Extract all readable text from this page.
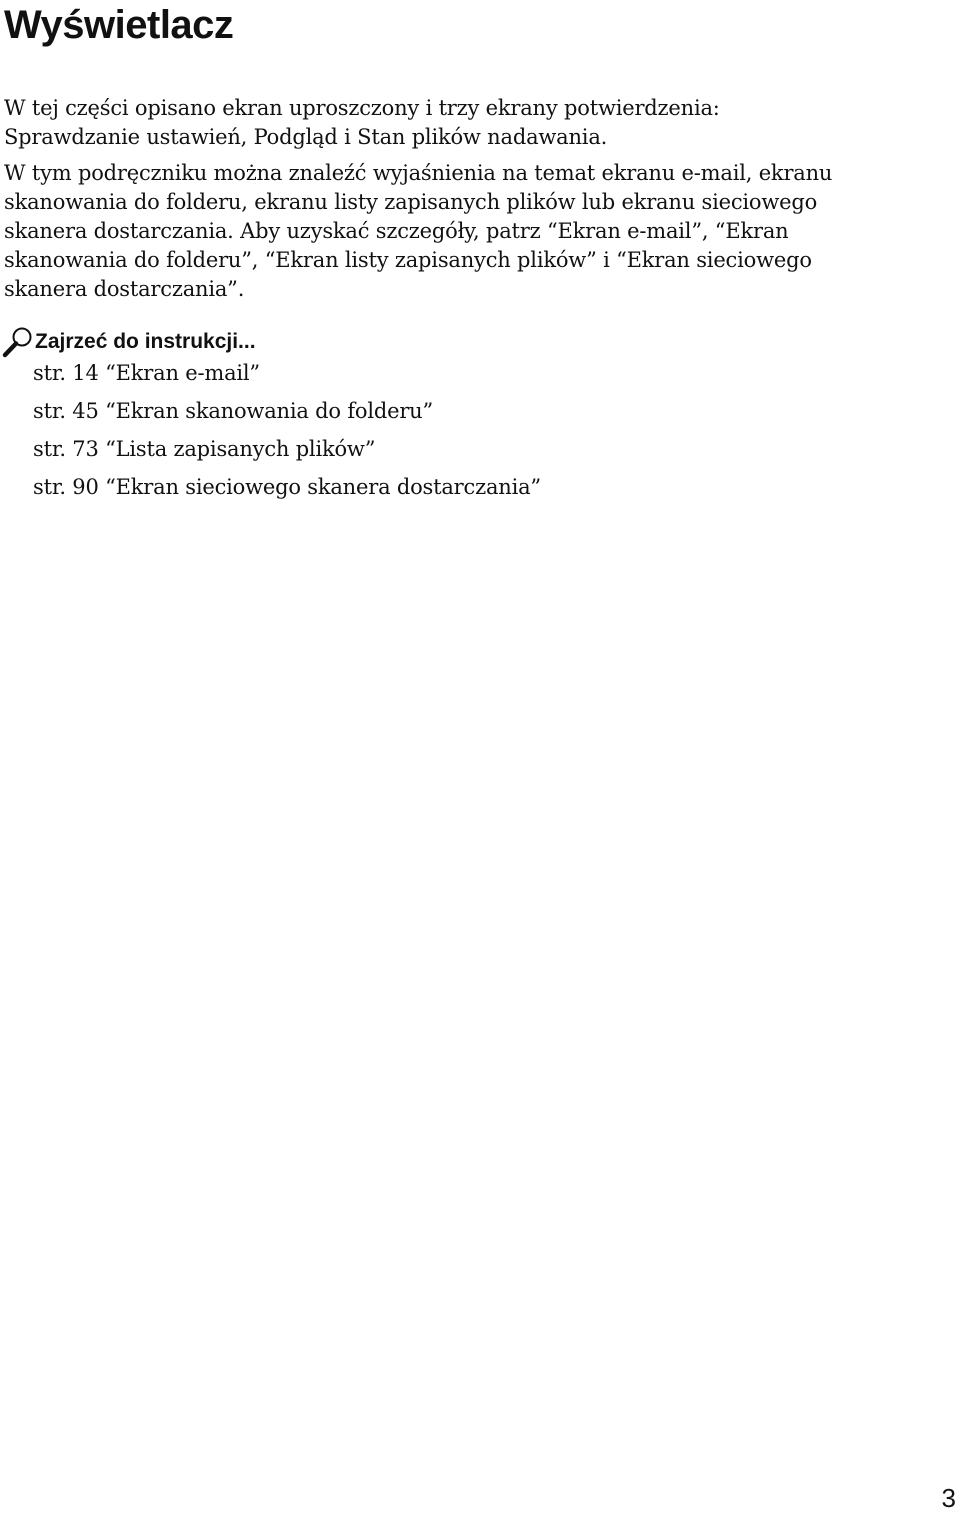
Wyświetlacz

W tej części opisano ekran uproszczony i trzy ekrany potwierdzenia:
Sprawdzanie ustawień, Podgląd i Stan plików nadawania.

W tym podręczniku można znaleźć wyjaśnienia na temat ekranu e-mail, ekranu
skanowania do folderu, ekranu listy zapisanych plików lub ekranu sieciowego
skanera dostarczania. Aby uzyskać szczegóły, patrz “Ekran e-mail”, “Ekran
skanowania do folderu”, “Ekran listy zapisanych plików” i “Ekran sieciowego
skanera dostarczania”.

Zajrzeć do instrukcji...
str. 14 “Ekran e-mail”
str. 45 “Ekran skanowania do folderu”
str. 73 “Lista zapisanych plików”
str. 90 “Ekran sieciowego skanera dostarczania”
3
